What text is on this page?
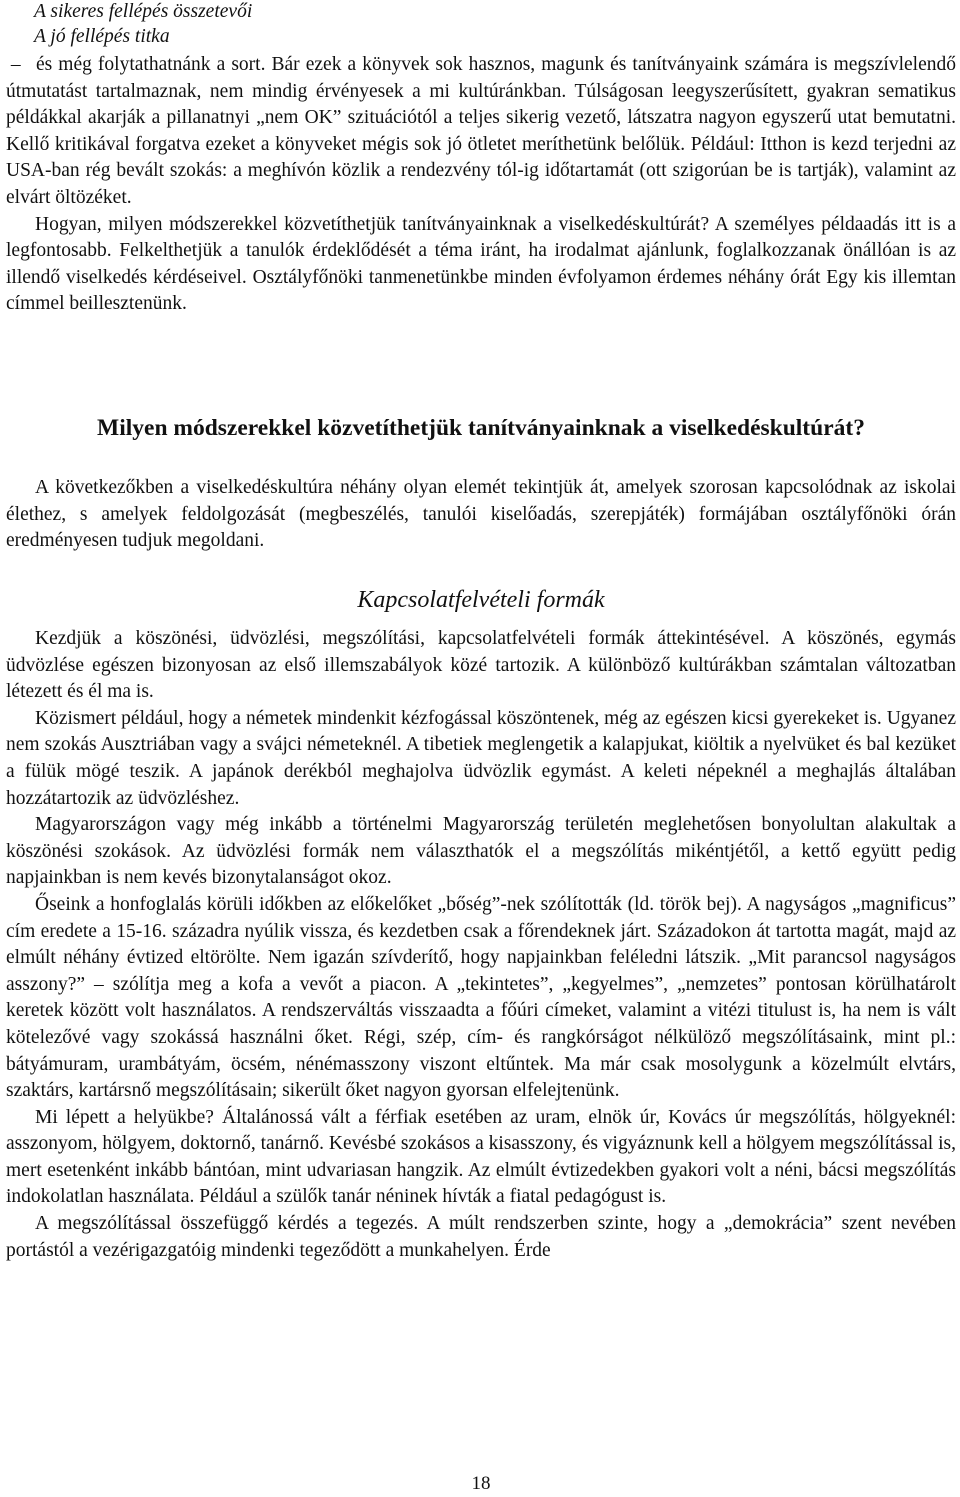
A sikeres fellépés összetevői
A jó fellépés titka

– és még folytathatnánk a sort. Bár ezek a könyvek sok hasznos, magunk és tanítványaink számára is megszívlelendő útmutatást tartalmaznak, nem mindig érvényesek a mi kultúránkban. Túlságosan leegyszerűsített, gyakran sematikus példákkal akarják a pillanatnyi „nem OK” szituációtól a teljes sikerig vezető, látszatra nagyon egyszerű utat bemutatni. Kellő kritikával forgatva ezeket a könyveket mégis sok jó ötletet meríthetünk belőlük. Például: Itthon is kezd terjedni az USA-ban rég bevált szokás: a meghívón közlik a rendezvény tól-ig időtartamát (ott szigorúan be is tartják), valamint az elvárt öltözéket.

Hogyan, milyen módszerekkel közvetíthetjük tanítványainknak a viselkedéskultúrát? A személyes példaadás itt is a legfontosabb. Felkelthetjük a tanulók érdeklődését a téma iránt, ha irodalmat ajánlunk, foglalkozzanak önállóan is az illendő viselkedés kérdéseivel. Osztályfőnöki tanmenetünkbe minden évfolyamon érdemes néhány órát Egy kis illemtan címmel beillesztenünk.

Milyen módszerekkel közvetíthetjük tanítványainknak a viselkedéskultúrát?

A következőkben a viselkedéskultúra néhány olyan elemét tekintjük át, amelyek szorosan kapcsolódnak az iskolai élethez, s amelyek feldolgozását (megbeszélés, tanulói kiselőadás, szerepjáték) formájában osztályfőnöki órán eredményesen tudjuk megoldani.

Kapcsolatfelvételi formák

Kezdjük a köszönési, üdvözlési, megszólítási, kapcsolatfelvételi formák áttekintésével. A köszönés, egymás üdvözlése egészen bizonyosan az első illemszabályok közé tartozik. A különböző kultúrákban számtalan változatban létezett és él ma is.

Közismert például, hogy a németek mindenkit kézfogással köszöntenek, még az egészen kicsi gyerekeket is. Ugyanez nem szokás Ausztriában vagy a svájci németeknél. A tibetiek meglengetik a kalapjukat, kiöltik a nyelvüket és bal kezüket a fülük mögé teszik. A japánok derékból meghajolva üdvözlik egymást. A keleti népeknél a meghajlás általában hozzátartozik az üdvözléshez.

Magyarországon vagy még inkább a történelmi Magyarország területén meglehetősen bonyolultan alakultak a köszönési szokások. Az üdvözlési formák nem választhatók el a megszólítás mikéntjétől, a kettő együtt pedig napjainkban is nem kevés bizonytalanságot okoz.

Őseink a honfoglalás körüli időkben az előkelőket „bőség”-nek szólították (ld. török bej). A nagyságos „magnificus” cím eredete a 15-16. századra nyúlik vissza, és kezdetben csak a főrendeknek járt. Századokon át tartotta magát, majd az elmúlt néhány évtized eltörölte. Nem igazán szívderítő, hogy napjainkban feléledni látszik. „Mit parancsol nagyságos asszony?” – szólítja meg a kofa a vevőt a piacon. A „tekintetes”, „kegyelmes”, „nemzetes” pontosan körülhatárolt keretek között volt használatos. A rendszerváltás visszaadta a főúri címeket, valamint a vitézi titulust is, ha nem is vált kötelezővé vagy szokássá használni őket. Régi, szép, cím- és rangkórságot nélkülöző megszólításaink, mint pl.: bátyámuram, urambátyám, öcsém, nénémasszony viszont eltűntek. Ma már csak mosolygunk a közelmúlt elvtárs, szaktárs, kartársnő megszólításain; sikerült őket nagyon gyorsan elfelejtenünk.

Mi lépett a helyükbe? Általánossá vált a férfiak esetében az uram, elnök úr, Kovács úr megszólítás, hölgyeknél: asszonyom, hölgyem, doktornő, tanárnő. Kevésbé szokásos a kisasszony, és vigyáznunk kell a hölgyem megszólítással is, mert esetenként inkább bántóan, mint udvariasan hangzik. Az elmúlt évtizedekben gyakori volt a néni, bácsi megszólítás indokolatlan használata. Például a szülők tanár néninek hívták a fiatal pedagógust is.

A megszólítással összefüggő kérdés a tegezés. A múlt rendszerben szinte, hogy a „demokrácia” szent nevében portástól a vezérigazgatóig mindenki tegeződött a munkahelyen. Érde

18
